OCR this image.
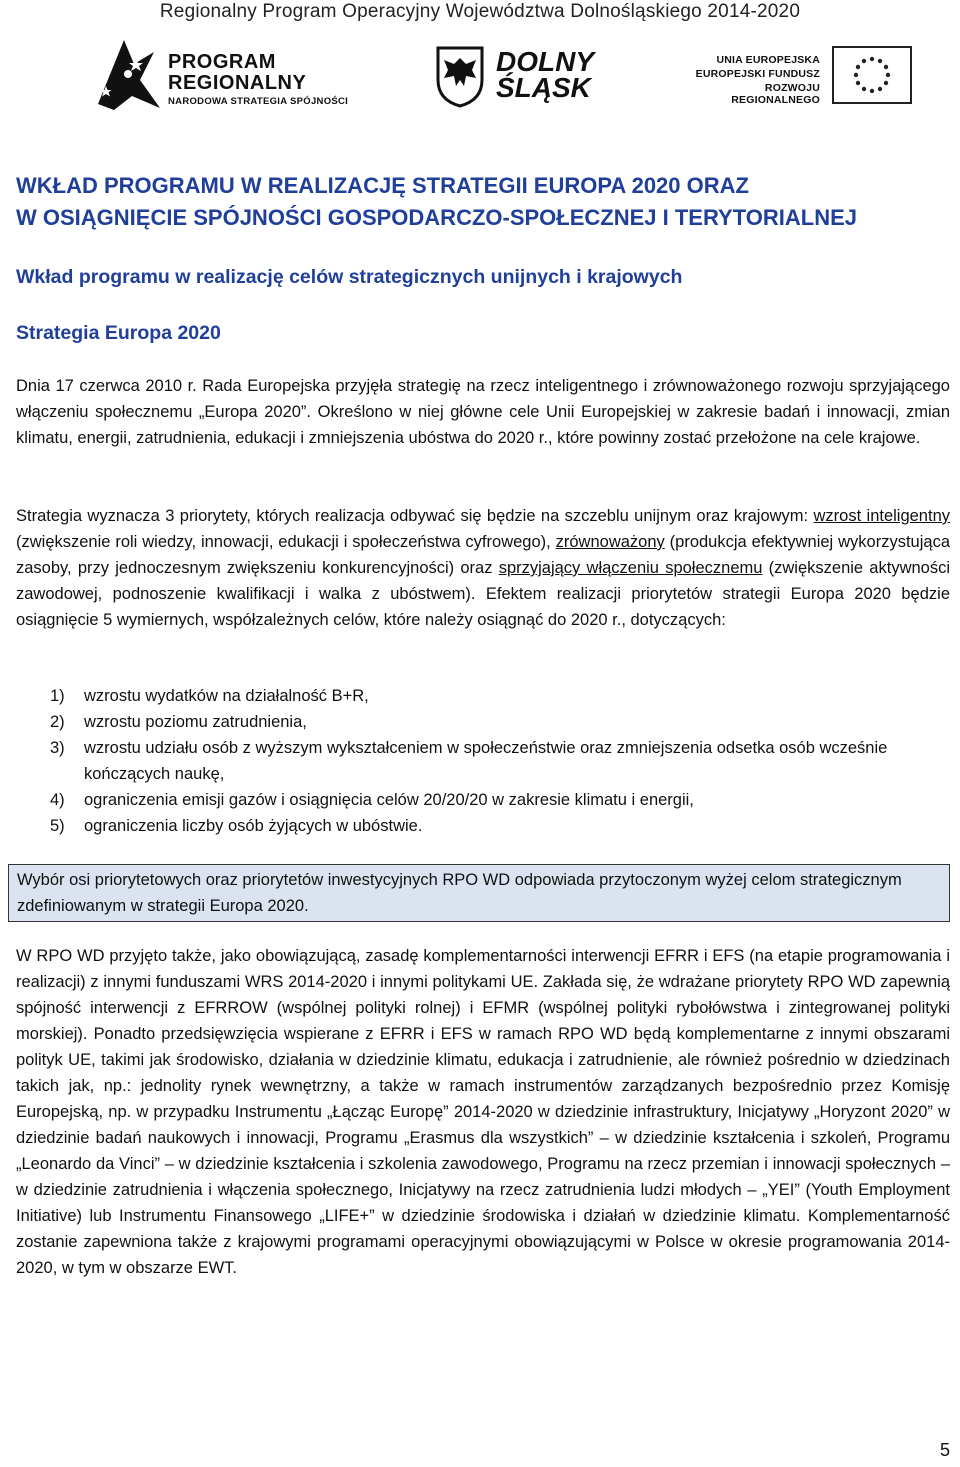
Regionalny Program Operacyjny Województwa Dolnośląskiego 2014-2020
PROGRAM
REGIONALNY
NARODOWA STRATEGIA SPÓJNOŚCI
DOLNY
ŚLĄSK
UNIA EUROPEJSKA
EUROPEJSKI FUNDUSZ
ROZWOJU REGIONALNEGO
WKŁAD PROGRAMU W REALIZACJĘ STRATEGII EUROPA 2020 ORAZ
W OSIĄGNIĘCIE SPÓJNOŚCI GOSPODARCZO-SPOŁECZNEJ I TERYTORIALNEJ
Wkład programu w realizację celów strategicznych unijnych i krajowych
Strategia Europa 2020
Dnia 17 czerwca 2010 r. Rada Europejska przyjęła strategię na rzecz inteligentnego i zrównoważonego rozwoju sprzyjającego włączeniu społecznemu „Europa 2020”. Określono w niej główne cele Unii Europejskiej w zakresie badań i innowacji, zmian klimatu, energii, zatrudnienia, edukacji i zmniejszenia ubóstwa do 2020 r., które powinny zostać przełożone na cele krajowe.
Strategia wyznacza 3 priorytety, których realizacja odbywać się będzie na szczeblu unijnym oraz krajowym: wzrost inteligentny (zwiększenie roli wiedzy, innowacji, edukacji i społeczeństwa cyfrowego), zrównoważony (produkcja efektywniej wykorzystująca zasoby, przy jednoczesnym zwiększeniu konkurencyjności) oraz sprzyjający włączeniu społecznemu (zwiększenie aktywności zawodowej, podnoszenie kwalifikacji i walka z ubóstwem). Efektem realizacji priorytetów strategii Europa 2020 będzie osiągnięcie 5 wymiernych, współzależnych celów, które należy osiągnąć do 2020 r., dotyczących:
1) wzrostu wydatków na działalność B+R,
2) wzrostu poziomu zatrudnienia,
3) wzrostu udziału osób z wyższym wykształceniem w społeczeństwie oraz zmniejszenia odsetka osób wcześnie kończących naukę,
4) ograniczenia emisji gazów i osiągnięcia celów 20/20/20 w zakresie klimatu i energii,
5) ograniczenia liczby osób żyjących w ubóstwie.
Wybór osi priorytetowych oraz priorytetów inwestycyjnych RPO WD odpowiada przytoczonym wyżej celom strategicznym zdefiniowanym w strategii Europa 2020.
W RPO WD przyjęto także, jako obowiązującą, zasadę komplementarności interwencji EFRR i EFS (na etapie programowania i realizacji) z innymi funduszami WRS 2014-2020 i innymi politykami UE. Zakłada się, że wdrażane priorytety RPO WD zapewnią spójność interwencji z EFRROW (wspólnej polityki rolnej) i EFMR (wspólnej polityki rybołówstwa i zintegrowanej polityki morskiej). Ponadto przedsięwzięcia wspierane z EFRR i EFS w ramach RPO WD będą komplementarne z innymi obszarami polityk UE, takimi jak środowisko, działania w dziedzinie klimatu, edukacja i zatrudnienie, ale również pośrednio w dziedzinach takich jak, np.: jednolity rynek wewnętrzny, a także w ramach instrumentów zarządzanych bezpośrednio przez Komisję Europejską, np. w przypadku Instrumentu „Łącząc Europę” 2014-2020 w dziedzinie infrastruktury, Inicjatywy „Horyzont 2020” w dziedzinie badań naukowych i innowacji, Programu „Erasmus dla wszystkich” – w dziedzinie kształcenia i szkoleń, Programu „Leonardo da Vinci” – w dziedzinie kształcenia i szkolenia zawodowego, Programu na rzecz przemian i innowacji społecznych – w dziedzinie zatrudnienia i włączenia społecznego, Inicjatywy na rzecz zatrudnienia ludzi młodych – „YEI” (Youth Employment Initiative) lub Instrumentu Finansowego „LIFE+” w dziedzinie środowiska i działań w dziedzinie klimatu. Komplementarność zostanie zapewniona także z krajowymi programami operacyjnymi obowiązującymi w Polsce w okresie programowania 2014-2020, w tym w obszarze EWT.
5
